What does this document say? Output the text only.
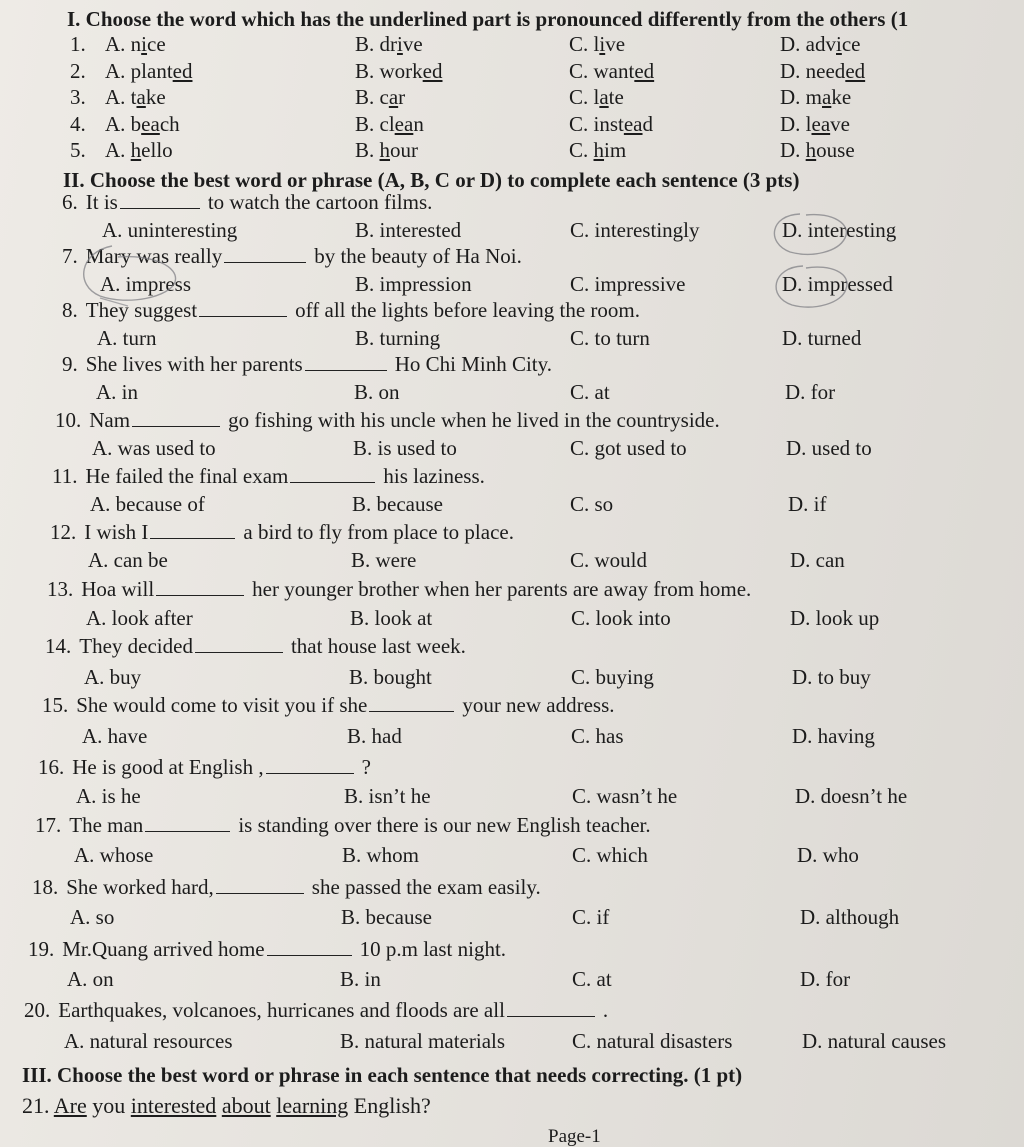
I. Choose the word which has the underlined part is pronounced differently from the others (1
1. A. nice	B. drive	C. live	D. advice
2. A. planted	B. worked	C. wanted	D. needed
3. A. take	B. car	C. late	D. make
4. A. beach	B. clean	C. instead	D. leave
5. A. hello	B. hour	C. him	D. house
II. Choose the best word or phrase (A, B, C or D) to complete each sentence (3 pts)
6. It is	to watch the cartoon films.
A. uninteresting	B. interested	C. interestingly	D. interesting
7. Mary was really	by the beauty of Ha Noi.
A. impress	B. impression	C. impressive	D. impressed
8. They suggest	off all the lights before leaving the room.
A. turn	B. turning	C. to turn	D. turned
9. She lives with her parents	Ho Chi Minh City.
A. in	B. on	C. at	D. for
10. Nam	go fishing with his uncle when he lived in the countryside.
A. was used to	B. is used to	C. got used to	D. used to
11. He failed the final exam	his laziness.
A. because of	B. because	C. so	D. if
12. I wish I	a bird to fly from place to place.
A. can be	B. were	C. would	D. can
13. Hoa will	her younger brother when her parents are away from home.
A. look after	B. look at	C. look into	D. look up
14. They decided	that house last week.
A. buy	B. bought	C. buying	D. to buy
15. She would come to visit you if she	your new address.
A. have	B. had	C. has	D. having
16. He is good at English ,	?
A. is he	B. isn’t he	C. wasn’t he	D. doesn’t he
17. The man	is standing over there is our new English teacher.
A. whose	B. whom	C. which	D. who
18. She worked hard,	she passed the exam easily.
A. so	B. because	C. if	D. although
19. Mr.Quang arrived home	10 p.m last night.
A. on	B. in	C. at	D. for
20. Earthquakes, volcanoes, hurricanes and floods are all	.
A. natural resources	B. natural materials	C. natural disasters	D. natural causes
III. Choose the best word or phrase in each sentence that needs correcting. (1 pt)
21. Are you interested about learning English?
Page-1
